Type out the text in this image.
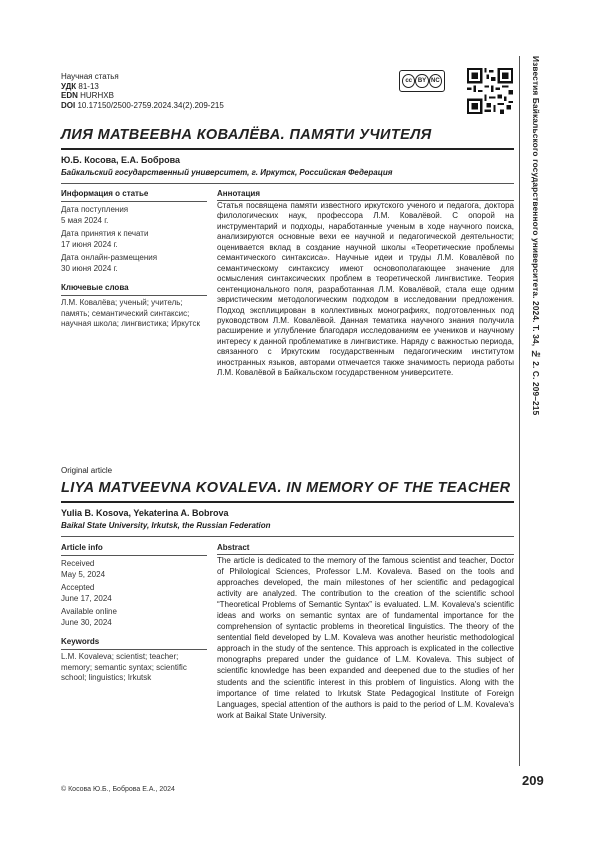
Научная статья
УДК 81-13
EDN HURHXB
DOI 10.17150/2500-2759.2024.34(2).209-215
cc BY NC
ЛИЯ МАТВЕЕВНА КОВАЛЁВА. ПАМЯТИ УЧИТЕЛЯ
Ю.Б. Косова, Е.А. Боброва
Байкальский государственный университет, г. Иркутск, Российская Федерация
Информация о статье
Дата поступления
5 мая 2024 г.
Дата принятия к печати
17 июня 2024 г.
Дата онлайн-размещения
30 июня 2024 г.
Ключевые слова
Л.М. Ковалёва; ученый; учитель; память; семантический синтаксис; научная школа; лингвистика; Иркутск
Аннотация
Статья посвящена памяти известного иркутского ученого и педагога, доктора филологических наук, профессора Л.М. Ковалёвой. С опорой на инструментарий и подходы, наработанные ученым в ходе научного поиска, анализируются основные вехи ее научной и педагогической деятельности; оценивается вклад в создание научной школы «Теоретические проблемы семантического синтаксиса». Научные идеи и труды Л.М. Ковалёвой по семантическому синтаксису имеют основополагающее значение для осмысления синтаксических проблем в теоретической лингвистике. Теория сентенционального поля, разработанная Л.М. Ковалёвой, стала еще одним эвристическим методологическим подходом в исследовании предложения. Подход эксплицирован в коллективных монографиях, подготовленных под руководством Л.М. Ковалёвой. Данная тематика научного знания получила расширение и углубление благодаря исследованиям ее учеников и научному интересу к данной проблематике в лингвистике. Наряду с важностью периода, связанного с Иркутским государственным педагогическим институтом иностранных языков, авторами отмечается также значимость периода работы Л.М. Ковалёвой в Байкальском государственном университете.
Original article
LIYA MATVEEVNA KOVALEVA. IN MEMORY OF THE TEACHER
Yulia B. Kosova, Yekaterina A. Bobrova
Baikal State University, Irkutsk, the Russian Federation
Article info
Received
May 5, 2024
Accepted
June 17, 2024
Available online
June 30, 2024
Keywords
L.M. Kovaleva; scientist; teacher; memory; semantic syntax; scientific school; linguistics; Irkutsk
Abstract
The article is dedicated to the memory of the famous scientist and teacher, Doctor of Philological Sciences, Professor L.M. Kovaleva. Based on the tools and approaches developed, the main milestones of her scientific and pedagogical activity are analyzed. The contribution to the creation of the scientific school “Theoretical Problems of Semantic Syntax” is evaluated. L.M. Kovaleva's scientific ideas and works on semantic syntax are of fundamental importance for the comprehension of syntactic problems in theoretical linguistics. The theory of the sentential field developed by L.M. Kovaleva was another heuristic methodological approach in the study of the sentence. This approach is explicated in the collective monographs prepared under the guidance of L.M. Kovaleva. This subject of scientific knowledge has been expanded and deepened due to the studies of her students and the scientific interest in this problem of linguistics. Along with the importance of time related to Irkutsk State Pedagogical Institute of Foreign Languages, special attention of the authors is paid to the period of L.M. Kovaleva's work at Baikal State University.
Известия Байкальского государственного университета. 2024. Т. 34, № 2. С. 209–215
209
© Косова Ю.Б., Боброва Е.А., 2024
